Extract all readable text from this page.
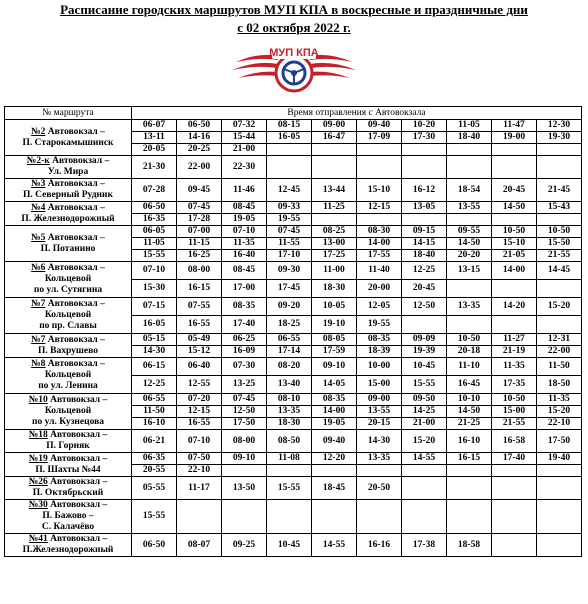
Расписание городских маршрутов МУП КПА в воскресные и праздничные дни
с 02 октября 2022 г.
МУП КПА
№ маршрута	Время отправления с Автовокзала									

№2 Автовокзал –
П. Старокамышинск	06-07	06-50	07-32	08-15	09-00	09-40	10-20	11-05	11-47	12-30
	13-11	14-16	15-44	16-05	16-47	17-09	17-30	18-40	19-00	19-30
	20-05	20-25	21-00							

№2-к Автовокзал –
Ул. Мира	21-30	22-00	22-30							

№3 Автовокзал –
П. Северный Рудник	07-28	09-45	11-46	12-45	13-44	15-10	16-12	18-54	20-45	21-45

№4 Автовокзал –
П. Железнодорожный	06-50	07-45	08-45	09-33	11-25	12-15	13-05	13-55	14-50	15-43
	16-35	17-28	19-05	19-55						

№5 Автовокзал –
П. Потанино	06-05	07-00	07-10	07-45	08-25	08-30	09-15	09-55	10-50	10-50
	11-05	11-15	11-35	11-55	13-00	14-00	14-15	14-50	15-10	15-50
	15-55	16-25	16-40	17-10	17-25	17-55	18-40	20-20	21-05	21-55

№6 Автовокзал –
Кольцевой
по ул. Сутягина	07-10	08-00	08-45	09-30	11-00	11-40	12-25	13-15	14-00	14-45
	15-30	16-15	17-00	17-45	18-30	20-00	20-45			

№7 Автовокзал –
Кольцевой
по пр. Славы	07-15	07-55	08-35	09-20	10-05	12-05	12-50	13-35	14-20	15-20
	16-05	16-55	17-40	18-25	19-10	19-55				

№7 Автовокзал –
П. Вахрушево	05-15	05-49	06-25	06-55	08-05	08-35	09-09	10-50	11-27	12-31
	14-30	15-12	16-09	17-14	17-59	18-39	19-39	20-18	21-19	22-00

№8 Автовокзал –
Кольцевой
по ул. Ленина	06-15	06-40	07-30	08-20	09-10	10-00	10-45	11-10	11-35	11-50
	12-25	12-55	13-25	13-40	14-05	15-00	15-55	16-45	17-35	18-50

№10 Автовокзал –
Кольцевой
по ул. Кузнецова	06-55	07-20	07-45	08-10	08-35	09-00	09-50	10-10	10-50	11-35
	11-50	12-15	12-50	13-35	14-00	13-55	14-25	14-50	15-00	15-20
	16-10	16-55	17-50	18-30	19-05	20-15	21-00	21-25	21-55	22-10

№18 Автовокзал –
П. Горняк	06-21	07-10	08-00	08-50	09-40	14-30	15-20	16-10	16-58	17-50

№19 Автовокзал –
П. Шахты №44	06-35	07-50	09-10	11-08	12-20	13-35	14-55	16-15	17-40	19-40
	20-55	22-10								

№26 Автовокзал –
П. Октябрьский	05-55	11-17	13-50	15-55	18-45	20-50				

№30 Автовокзал –
П. Бажово –
С. Калачёво	15-55									

№41 Автовокзал –
П.Железнодорожный	06-50	08-07	09-25	10-45	14-55	16-16	17-38	18-58		
